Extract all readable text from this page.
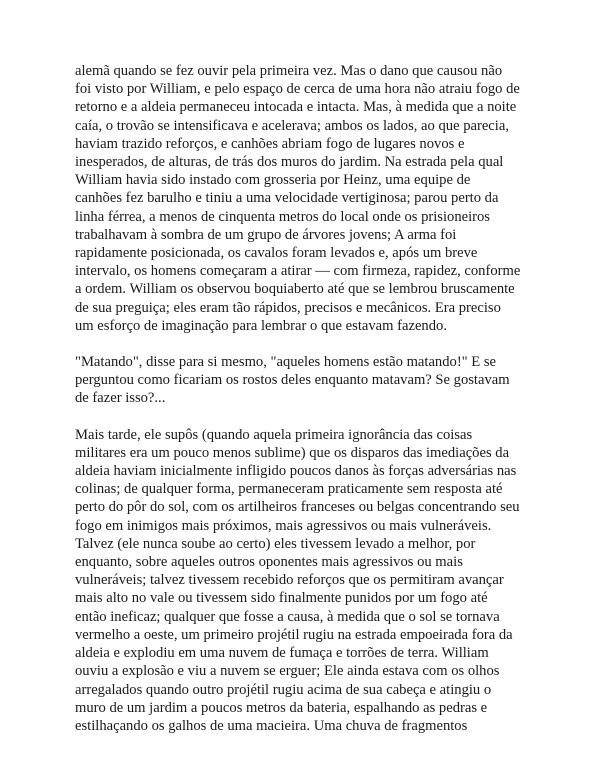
alemã quando se fez ouvir pela primeira vez. Mas o dano que causou não
foi visto por William, e pelo espaço de cerca de uma hora não atraiu fogo de
retorno e a aldeia permaneceu intocada e intacta. Mas, à medida que a noite
caía, o trovão se intensificava e acelerava; ambos os lados, ao que parecia,
haviam trazido reforços, e canhões abriam fogo de lugares novos e
inesperados, de alturas, de trás dos muros do jardim. Na estrada pela qual
William havia sido instado com grosseria por Heinz, uma equipe de
canhões fez barulho e tiniu a uma velocidade vertiginosa; parou perto da
linha férrea, a menos de cinquenta metros do local onde os prisioneiros
trabalhavam à sombra de um grupo de árvores jovens; A arma foi
rapidamente posicionada, os cavalos foram levados e, após um breve
intervalo, os homens começaram a atirar — com firmeza, rapidez, conforme
a ordem. William os observou boquiaberto até que se lembrou bruscamente
de sua preguiça; eles eram tão rápidos, precisos e mecânicos. Era preciso
um esforço de imaginação para lembrar o que estavam fazendo.

"Matando", disse para si mesmo, "aqueles homens estão matando!" E se
perguntou como ficariam os rostos deles enquanto matavam? Se gostavam
de fazer isso?...

Mais tarde, ele supôs (quando aquela primeira ignorância das coisas
militares era um pouco menos sublime) que os disparos das imediações da
aldeia haviam inicialmente infligido poucos danos às forças adversárias nas
colinas; de qualquer forma, permaneceram praticamente sem resposta até
perto do pôr do sol, com os artilheiros franceses ou belgas concentrando seu
fogo em inimigos mais próximos, mais agressivos ou mais vulneráveis.
Talvez (ele nunca soube ao certo) eles tivessem levado a melhor, por
enquanto, sobre aqueles outros oponentes mais agressivos ou mais
vulneráveis; talvez tivessem recebido reforços que os permitiram avançar
mais alto no vale ou tivessem sido finalmente punidos por um fogo até
então ineficaz; qualquer que fosse a causa, à medida que o sol se tornava
vermelho a oeste, um primeiro projétil rugiu na estrada empoeirada fora da
aldeia e explodiu em uma nuvem de fumaça e torrões de terra. William
ouviu a explosão e viu a nuvem se erguer; Ele ainda estava com os olhos
arregalados quando outro projétil rugiu acima de sua cabeça e atingiu o
muro de um jardim a poucos metros da bateria, espalhando as pedras e
estilhaçando os galhos de uma macieira. Uma chuva de fragmentos
